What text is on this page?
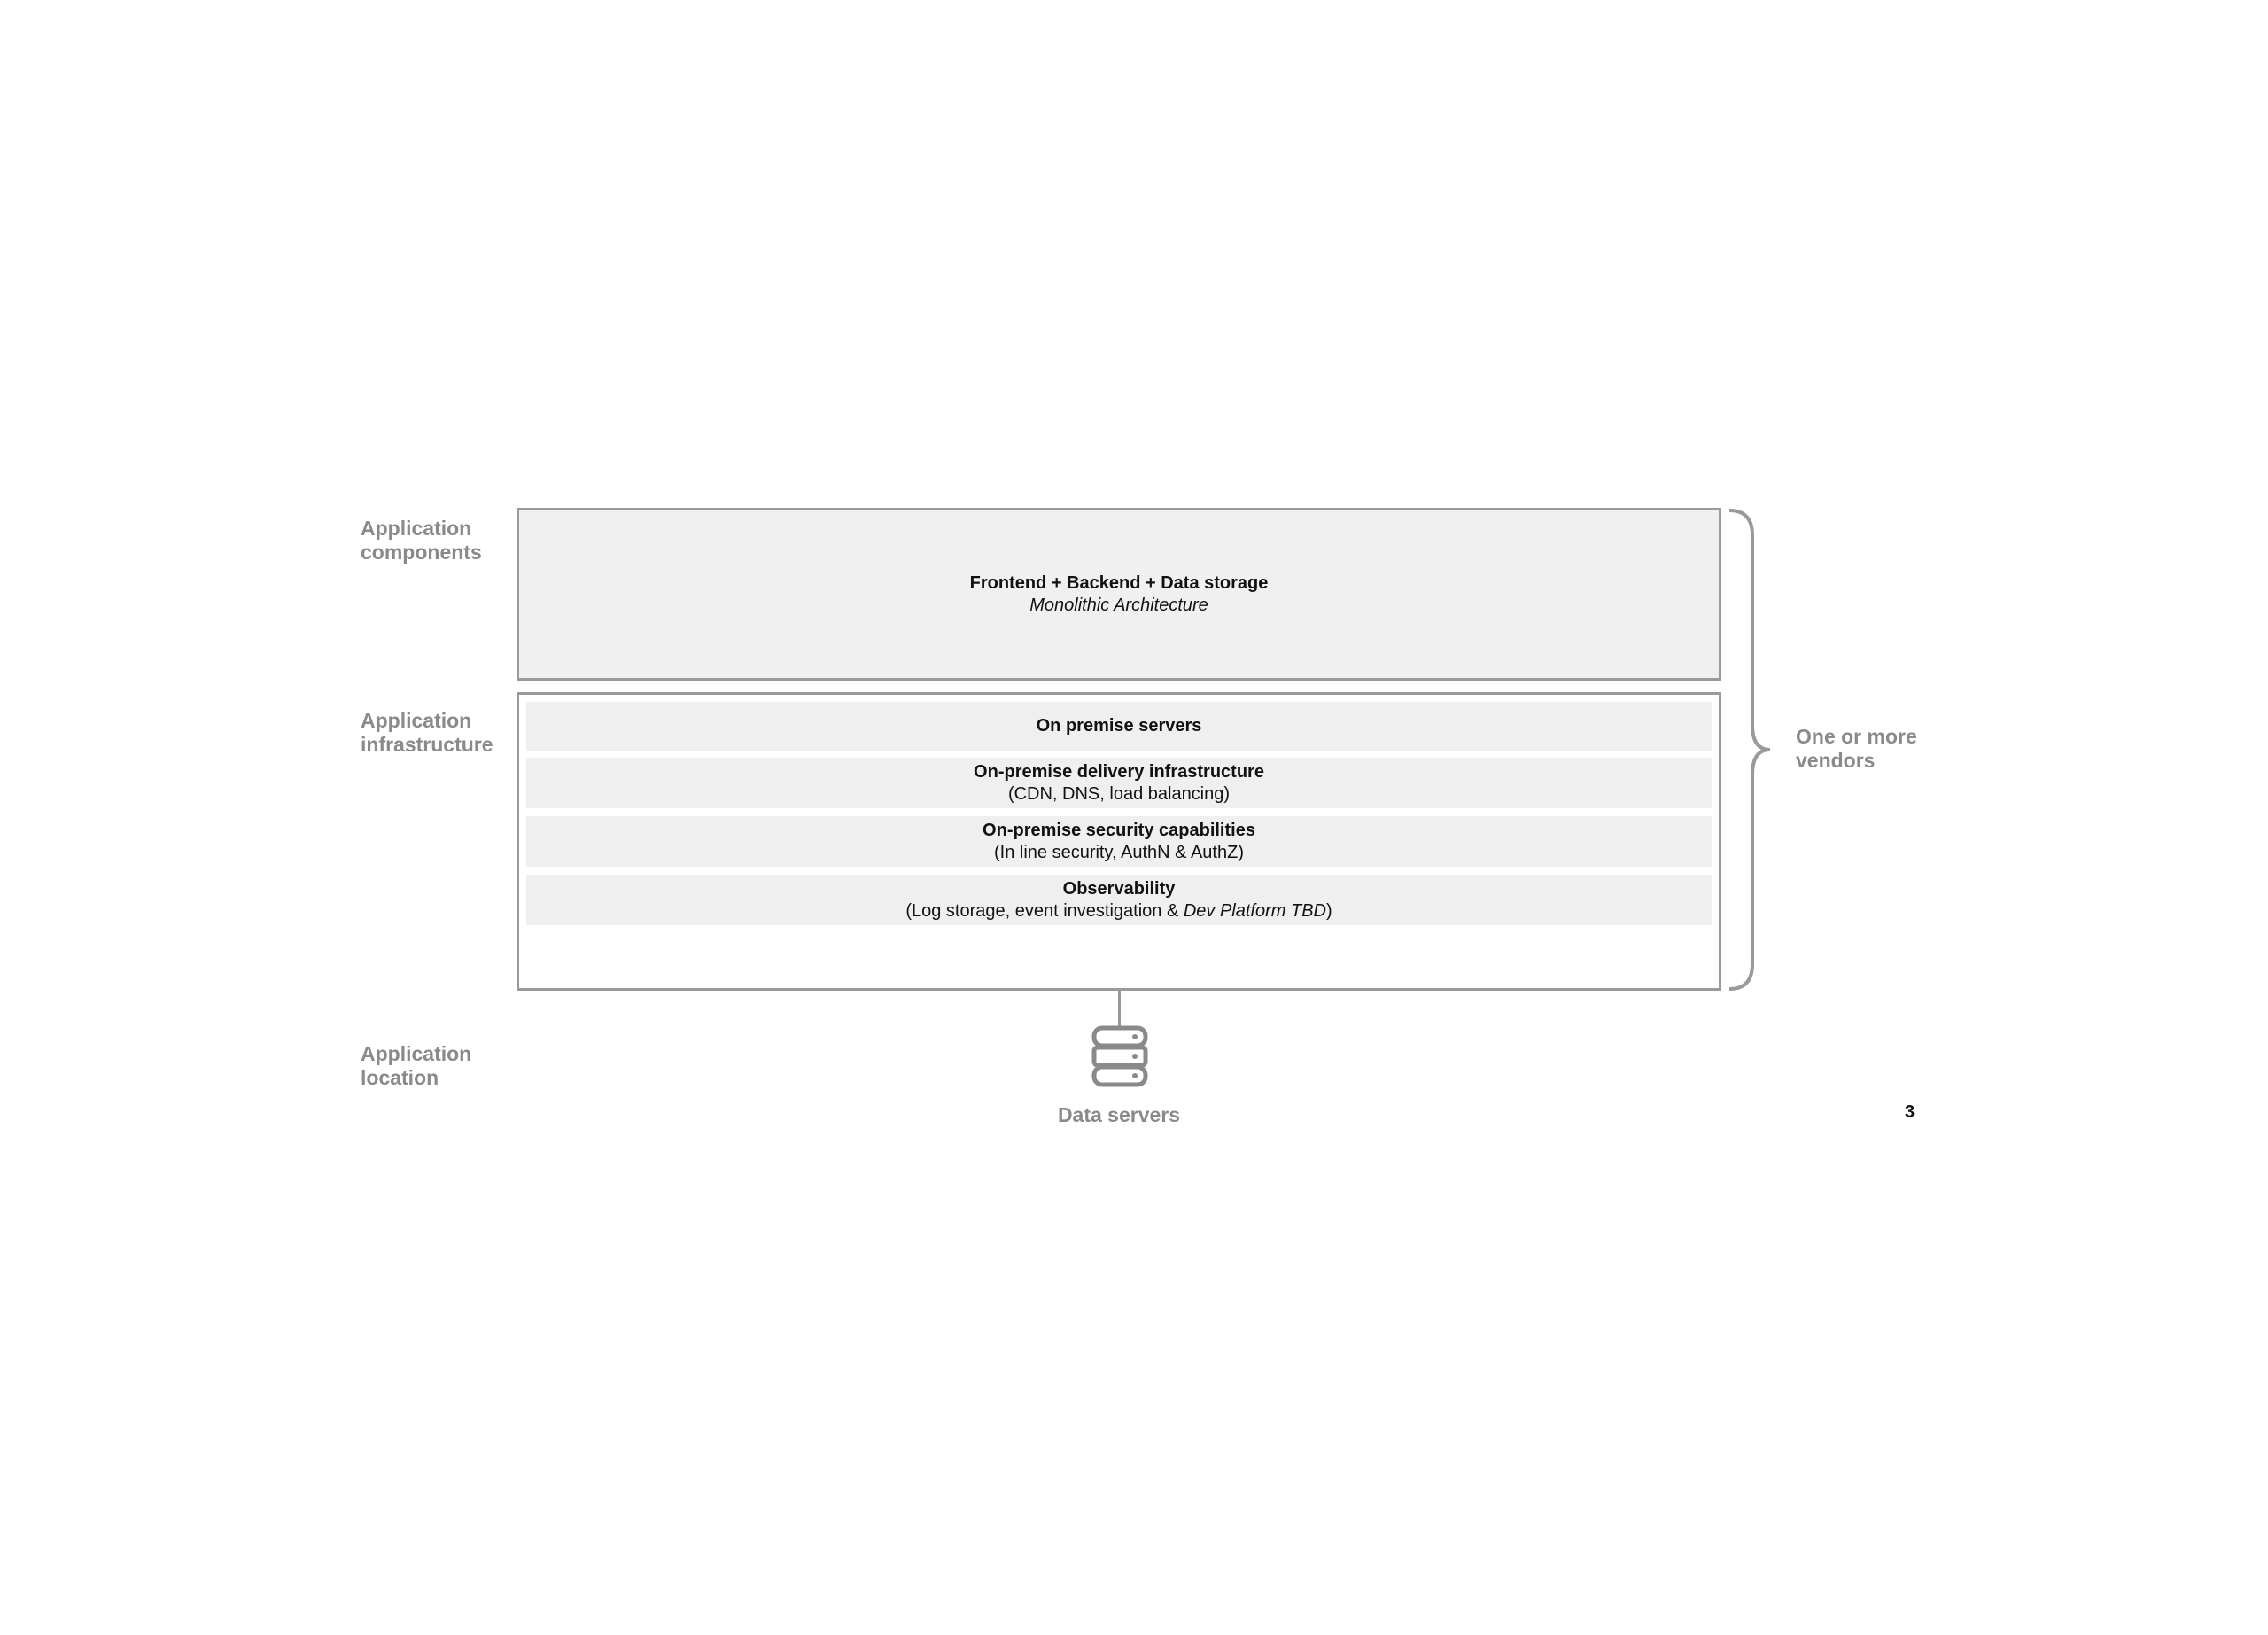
Application
components
Application
infrastructure
Application
location
Frontend + Backend + Data storage
Monolithic Architecture
On premise servers
On-premise delivery infrastructure
(CDN, DNS, load balancing)
On-premise security capabilities
(In line security, AuthN & AuthZ)
Observability
(Log storage, event investigation & Dev Platform TBD)
Data servers
One or more
vendors
3
